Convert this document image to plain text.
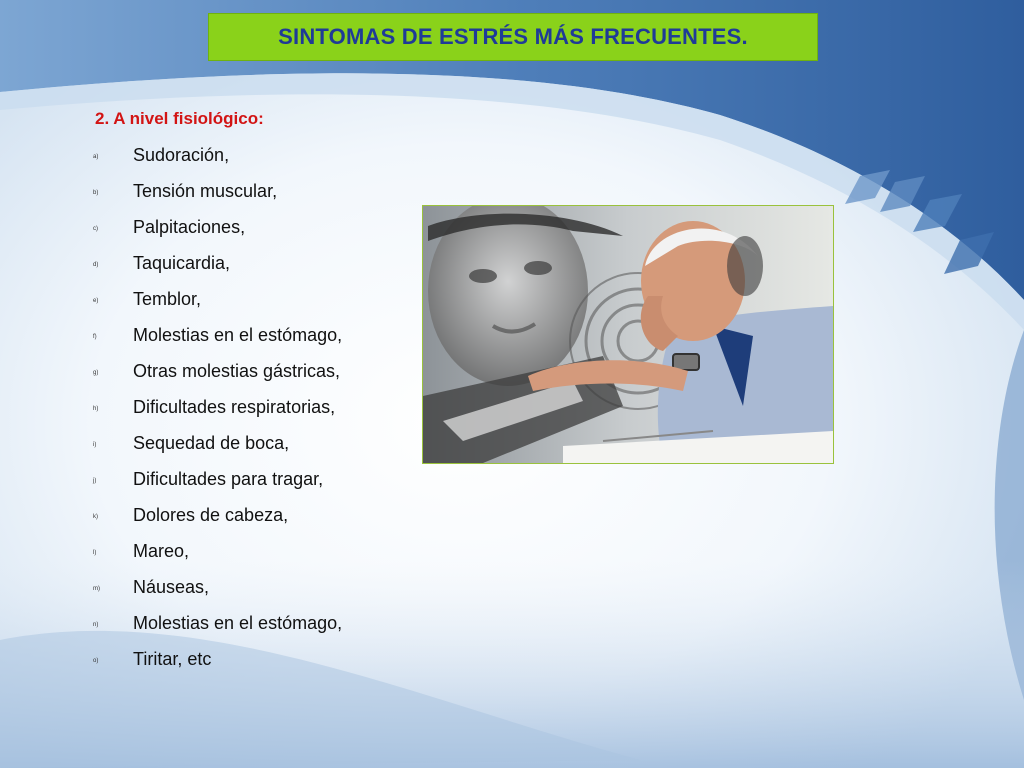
SINTOMAS DE ESTRÉS MÁS FRECUENTES.
2. A nivel fisiológico:
a) Sudoración,
b) Tensión muscular,
c) Palpitaciones,
d) Taquicardia,
e) Temblor,
f) Molestias en el estómago,
g) Otras molestias gástricas,
h) Dificultades respiratorias,
i) Sequedad de boca,
j) Dificultades para tragar,
k) Dolores de cabeza,
l) Mareo,
m) Náuseas,
n) Molestias en el estómago,
o) Tiritar, etc
